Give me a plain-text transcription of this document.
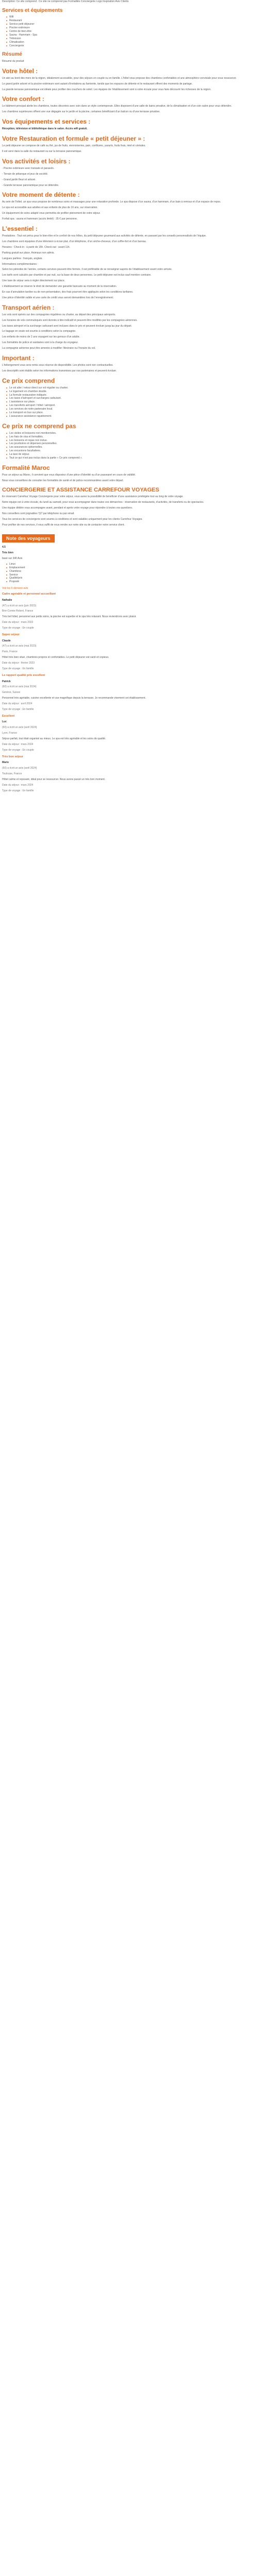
Description: Ce site comprend : Ce site ne comprend pas Formalités Conciergerie Logo Inspiration Avis Clients

Services et équipements
Wifi
Restaurant
Service petit déjeuner
Piscine extérieure
Centre de bien-être
Sauna - Hammam - Spa
Télévision
Climatisation
Conciergerie
Résumé

Résumé du produit

Votre hôtel :

Un abri au bord des mers de la région, idéalement accessible, pour des séjours en couple ou en famille. L’hôtel vous propose des chambres confortables et une atmosphère conviviale pour vous ressourcer.

Le grand jardin arboré et la piscine extérieure sont autant d’invitations au farniente, tandis que les espaces de détente et le restaurant offrent des moments de partage.

La grande terrasse panoramique est idéale pour profiter des couchers de soleil. Les équipes de l’établissement sont à votre écoute pour vous faire découvrir les richesses de la région.

Votre confort :

Le bâtiment principal abrite les chambres, toutes décorées avec soin dans un style contemporain. Elles disposent d’une salle de bains privative, de la climatisation et d’un coin salon pour vous détendre.

Les chambres supérieures offrent une vue dégagée sur le jardin et la piscine, certaines bénéficiant d’un balcon ou d’une terrasse privative.

Vos équipements et services :

Réception, télévision et bibliothèque dans le salon. Accès wifi gratuit.

Votre Restauration et formule « petit déjeuner » :

Le petit déjeuner se compose de café ou thé, jus de fruits, viennoiseries, pain, confitures, yaourts, fruits frais, miel et céréales.

Il est servi dans la salle du restaurant ou sur la terrasse panoramique.

Vos activités et loisirs :

- Piscine extérieure avec transats et parasols.

- Terrain de pétanque et jeux de société.

- Grand jardin fleuri et arboré.

- Grande terrasse panoramique pour se détendre.

Votre moment de détente :

Au sein de l’hôtel, un spa vous propose de nombreux soins et massages pour une relaxation profonde. Le spa dispose d’un sauna, d’un hammam, d’un bain à remous et d’un espace de repos.

Le spa est accessible aux adultes et aux enfants de plus de 16 ans, sur réservation.

Un équipement de soins adapté vous permettra de profiter pleinement de votre séjour.

Forfait spa : sauna et hammam (accès limité) : 35 € par personne.

L’essentiel :

Prestations : Tout est prévu pour le bien-être et le confort de nos hôtes, du petit déjeuner gourmand aux activités de détente, en passant par les conseils personnalisés de l’équipe.

Les chambres sont équipées d’une télévision à écran plat, d’un téléphone, d’un sèche-cheveux, d’un coffre-fort et d’un bureau.

Horaires : Check-in : à partir de 15h. Check-out : avant 11h.

Parking gratuit sur place. Animaux non admis.

Langues parlées : français, anglais.

Informations complémentaires :

Selon les périodes de l’année, certains services peuvent être fermés. Il est préférable de se renseigner auprès de l’établissement avant votre arrivée.

Les tarifs sont calculés par chambre et par nuit, sur la base de deux personnes. Le petit déjeuner est inclus sauf mention contraire.

Une taxe de séjour sera à régler directement sur place.

L’établissement se réserve le droit de demander une garantie bancaire au moment de la réservation.

En cas d’annulation tardive ou de non-présentation, des frais pourront être appliqués selon les conditions tarifaires.

Une pièce d’identité valide et une carte de crédit vous seront demandées lors de l’enregistrement.

Transport aérien :

Les vols sont opérés sur des compagnies régulières ou charter, au départ des principaux aéroports.

Les horaires de vols communiqués sont donnés à titre indicatif et peuvent être modifiés par les compagnies aériennes.

Les taxes aéroport et la surcharge carburant sont incluses dans le prix et peuvent évoluer jusqu’au jour du départ.

Le bagage en soute est soumis à conditions selon la compagnie.

Les enfants de moins de 2 ans voyagent sur les genoux d’un adulte.

Les formalités de police et sanitaires sont à la charge du voyageur.

La compagnie aérienne peut être amenée à modifier l’itinéraire ou l’horaire du vol.

Important :

L’hébergement vous sera remis sous réserve de disponibilité. Les photos sont non contractuelles.

Les descriptifs sont établis selon les informations transmises par nos partenaires et peuvent évoluer.

Ce prix comprend
Le vol aller / retour direct sur vol régulier ou charter.
Le logement en chambre double.
La formule restauration indiquée.
Les taxes d’aéroport et surcharges carburant.
L’assistance sur place.
Les transferts aéroport / hôtel / aéroport.
Les services de notre partenaire local.
Le transport en bus sur place.
L’assurance assistance rapatriement.
Ce prix ne comprend pas
Les visites et boissons non mentionnées.
Les frais de visa et formalités.
Les boissons et repas non inclus.
Les pourboires et dépenses personnelles.
Les assurances optionnelles.
Les excursions facultatives.
La taxe de séjour.
Tout ce qui n’est pas inclus dans la partie « Ce prix comprend ».
Formalité Maroc

Pour un séjour au Maroc, il convient que vous disposiez d’une pièce d’identité ou d’un passeport en cours de validité.

Nous vous conseillons de consulter les formalités de santé et de police recommandées avant votre départ.

CONCIERGERIE ET ASSISTANCE CARREFOUR VOYAGES

En réservant Carrefour Voyage Conciergerie pour votre séjour, vous aurez la possibilité de bénéficier d’une assistance privilégiée tout au long de votre voyage.

Notre équipe est à votre écoute, du lundi au samedi, pour vous accompagner dans toutes vos démarches : réservation de restaurants, d’activités, de transferts ou de spectacles.

Une équipe dédiée vous accompagne avant, pendant et après votre voyage pour répondre à toutes vos questions.

Nos conseillers sont joignables 7j/7 par téléphone ou par email.

Tous les services de conciergerie sont soumis à conditions et sont valables uniquement pour les clients Carrefour Voyages.

Pour profiter de nos services, il vous suffit de vous rendre sur notre site ou de contacter notre service client.

Note des voyageurs

4.5

Très bien

basé sur 340 Avis

Lieux
Emplacement
Chambres
Service
Qualité/prix
Propreté

Voir les 5 derniers avis

Cadre agréable et personnel accueillant

Nathalie

(47) a écrit un avis (juin 2023)

Brie-Comte-Robert, France

Très bel hôtel, personnel aux petits soins, la piscine est superbe et le spa très relaxant. Nous reviendrons avec plaisir.

Date du séjour : mars 2023

Type de voyage : En couple

Super séjour

Claude

(47) a écrit un avis (mai 2023)

Paris, France

Hôtel très bien situé, chambres propres et confortables. Le petit déjeuner est varié et copieux.

Date du séjour : février 2023

Type de voyage : En famille

Le rapport qualité prix excellent

Patrick

(60) a écrit un avis (mai 2024)

Genève, Suisse

Personnel très agréable, cuisine excellente et vue magnifique depuis la terrasse. Je recommande vivement cet établissement.

Date du séjour : avril 2024

Type de voyage : En famille

Excellent

Luc

(60) a écrit un avis (avril 2024)

Lyon, France

Séjour parfait, tout était organisé au mieux. Le spa est très agréable et les soins de qualité.

Date du séjour : mars 2024

Type de voyage : En couple

Très bon séjour

Marie

(60) a écrit un avis (avril 2024)

Toulouse, France

Hôtel calme et reposant, idéal pour se ressourcer. Nous avons passé un très bon moment.

Date du séjour : mars 2024

Type de voyage : En famille
